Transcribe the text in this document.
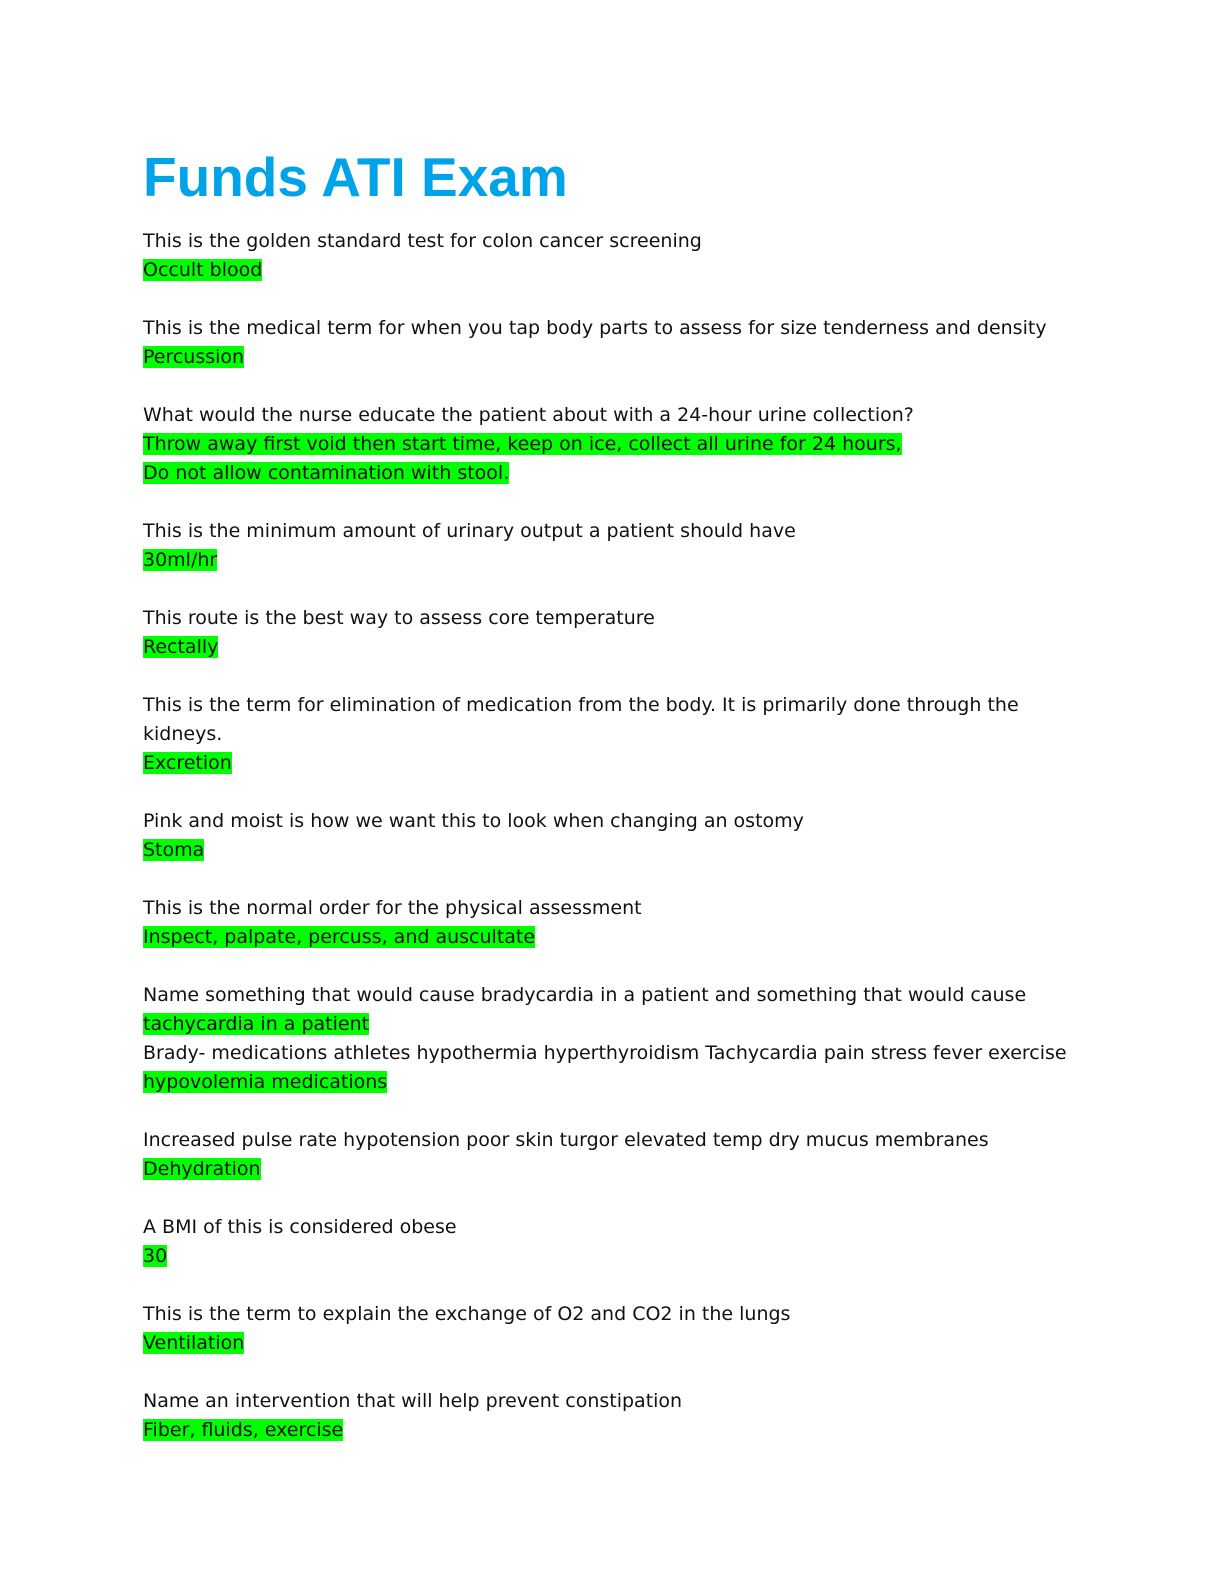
Funds ATI Exam
This is the golden standard test for colon cancer screening
Occult blood
This is the medical term for when you tap body parts to assess for size tenderness and density
Percussion
What would the nurse educate the patient about with a 24-hour urine collection?
Throw away first void then start time, keep on ice, collect all urine for 24 hours,
Do not allow contamination with stool.
This is the minimum amount of urinary output a patient should have
30ml/hr
This route is the best way to assess core temperature
Rectally
This is the term for elimination of medication from the body. It is primarily done through the kidneys.
Excretion
Pink and moist is how we want this to look when changing an ostomy
Stoma
This is the normal order for the physical assessment
Inspect, palpate, percuss, and auscultate
Name something that would cause bradycardia in a patient and something that would cause
tachycardia in a patient
Brady- medications athletes hypothermia hyperthyroidism Tachycardia pain stress fever exercise
hypovolemia medications
Increased pulse rate hypotension poor skin turgor elevated temp dry mucus membranes
Dehydration
A BMI of this is considered obese
30
This is the term to explain the exchange of O2 and CO2 in the lungs
Ventilation
Name an intervention that will help prevent constipation
Fiber, fluids, exercise
